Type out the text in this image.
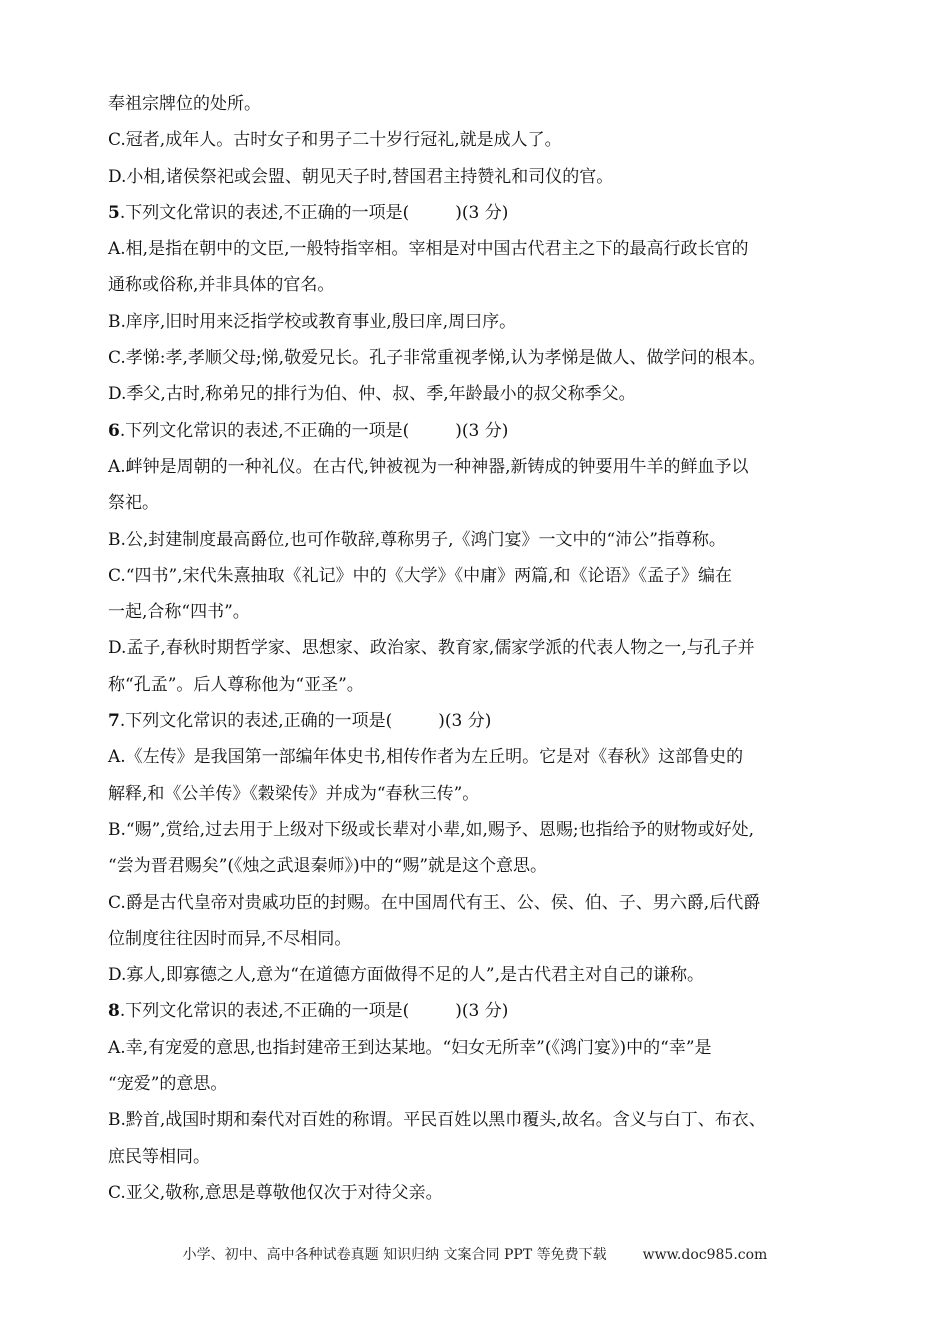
奉祖宗牌位的处所。
C.冠者,成年人。古时女子和男子二十岁行冠礼,就是成人了。
D.小相,诸侯祭祀或会盟、朝见天子时,替国君主持赞礼和司仪的官。
5.下列文化常识的表述,不正确的一项是(	)(3 分)
A.相,是指在朝中的文臣,一般特指宰相。宰相是对中国古代君主之下的最高行政长官的
通称或俗称,并非具体的官名。
B.庠序,旧时用来泛指学校或教育事业,殷曰庠,周曰序。
C.孝悌:孝,孝顺父母;悌,敬爱兄长。孔子非常重视孝悌,认为孝悌是做人、做学问的根本。
D.季父,古时,称弟兄的排行为伯、仲、叔、季,年龄最小的叔父称季父。
6.下列文化常识的表述,不正确的一项是(	)(3 分)
A.衅钟是周朝的一种礼仪。在古代,钟被视为一种神器,新铸成的钟要用牛羊的鲜血予以
祭祀。
B.公,封建制度最高爵位,也可作敬辞,尊称男子,《鸿门宴》一文中的“沛公”指尊称。
C.“四书”,宋代朱熹抽取《礼记》中的《大学》《中庸》两篇,和《论语》《孟子》编在
一起,合称“四书”。
D.孟子,春秋时期哲学家、思想家、政治家、教育家,儒家学派的代表人物之一,与孔子并
称“孔孟”。后人尊称他为“亚圣”。
7.下列文化常识的表述,正确的一项是(	)(3 分)
A.《左传》是我国第一部编年体史书,相传作者为左丘明。它是对《春秋》这部鲁史的
解释,和《公羊传》《穀梁传》并成为“春秋三传”。
B.“赐”,赏给,过去用于上级对下级或长辈对小辈,如,赐予、恩赐;也指给予的财物或好处,
“尝为晋君赐矣”(《烛之武退秦师》)中的“赐”就是这个意思。
C.爵是古代皇帝对贵戚功臣的封赐。在中国周代有王、公、侯、伯、子、男六爵,后代爵
位制度往往因时而异,不尽相同。
D.寡人,即寡德之人,意为“在道德方面做得不足的人”,是古代君主对自己的谦称。
8.下列文化常识的表述,不正确的一项是(	)(3 分)
A.幸,有宠爱的意思,也指封建帝王到达某地。“妇女无所幸”(《鸿门宴》)中的“幸”是
“宠爱”的意思。
B.黔首,战国时期和秦代对百姓的称谓。平民百姓以黑巾覆头,故名。含义与白丁、布衣、
庶民等相同。
C.亚父,敬称,意思是尊敬他仅次于对待父亲。
小学、初中、高中各种试卷真题 知识归纳 文案合同 PPT 等免费下载	www.doc985.com
